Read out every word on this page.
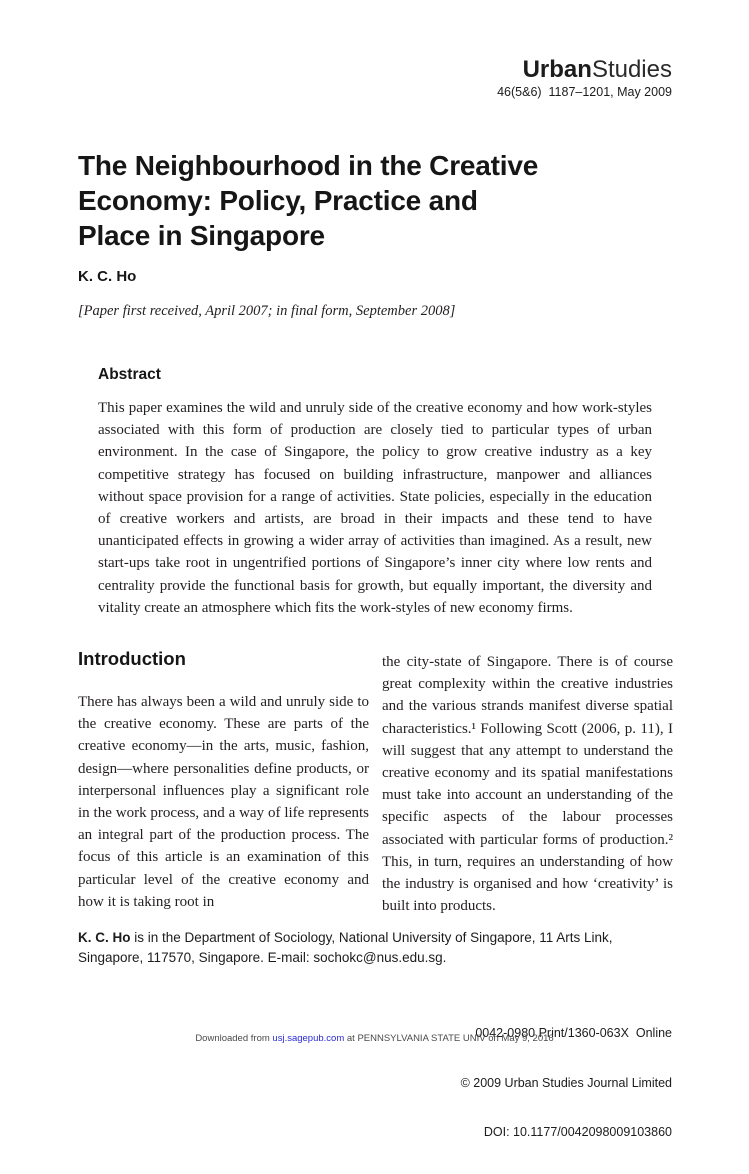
UrbanStudies
46(5&6)  1187–1201, May 2009
The Neighbourhood in the Creative
Economy: Policy, Practice and
Place in Singapore
K. C. Ho
[Paper first received, April 2007; in final form, September 2008]
Abstract
This paper examines the wild and unruly side of the creative economy and how work-styles associated with this form of production are closely tied to particular types of urban environment. In the case of Singapore, the policy to grow creative industry as a key competitive strategy has focused on building infrastructure, manpower and alliances without space provision for a range of activities. State policies, especially in the education of creative workers and artists, are broad in their impacts and these tend to have unanticipated effects in growing a wider array of activities than imagined. As a result, new start-ups take root in ungentrified portions of Singapore’s inner city where low rents and centrality provide the functional basis for growth, but equally important, the diversity and vitality create an atmosphere which fits the work-styles of new economy firms.
Introduction
There has always been a wild and unruly side to the creative economy. These are parts of the creative economy—in the arts, music, fashion, design—where personalities define products, or interpersonal influences play a significant role in the work process, and a way of life represents an integral part of the production process. The focus of this article is an examination of this particular level of the creative economy and how it is taking root in
the city-state of Singapore. There is of course great complexity within the creative industries and the various strands manifest diverse spatial characteristics.¹ Following Scott (2006, p. 11), I will suggest that any attempt to understand the creative economy and its spatial manifestations must take into account an understanding of the specific aspects of the labour processes associated with particular forms of production.² This, in turn, requires an understanding of how the industry is organised and how ‘creativity’ is built into products.
K. C. Ho is in the Department of Sociology, National University of Singapore, 11 Arts Link, Singapore, 117570, Singapore. E-mail: sochokc@nus.edu.sg.

0042-0980 Print/1360-063X  Online

© 2009 Urban Studies Journal Limited

DOI: 10.1177/0042098009103860

Downloaded from usj.sagepub.com at PENNSYLVANIA STATE UNIV on May 9, 2016
